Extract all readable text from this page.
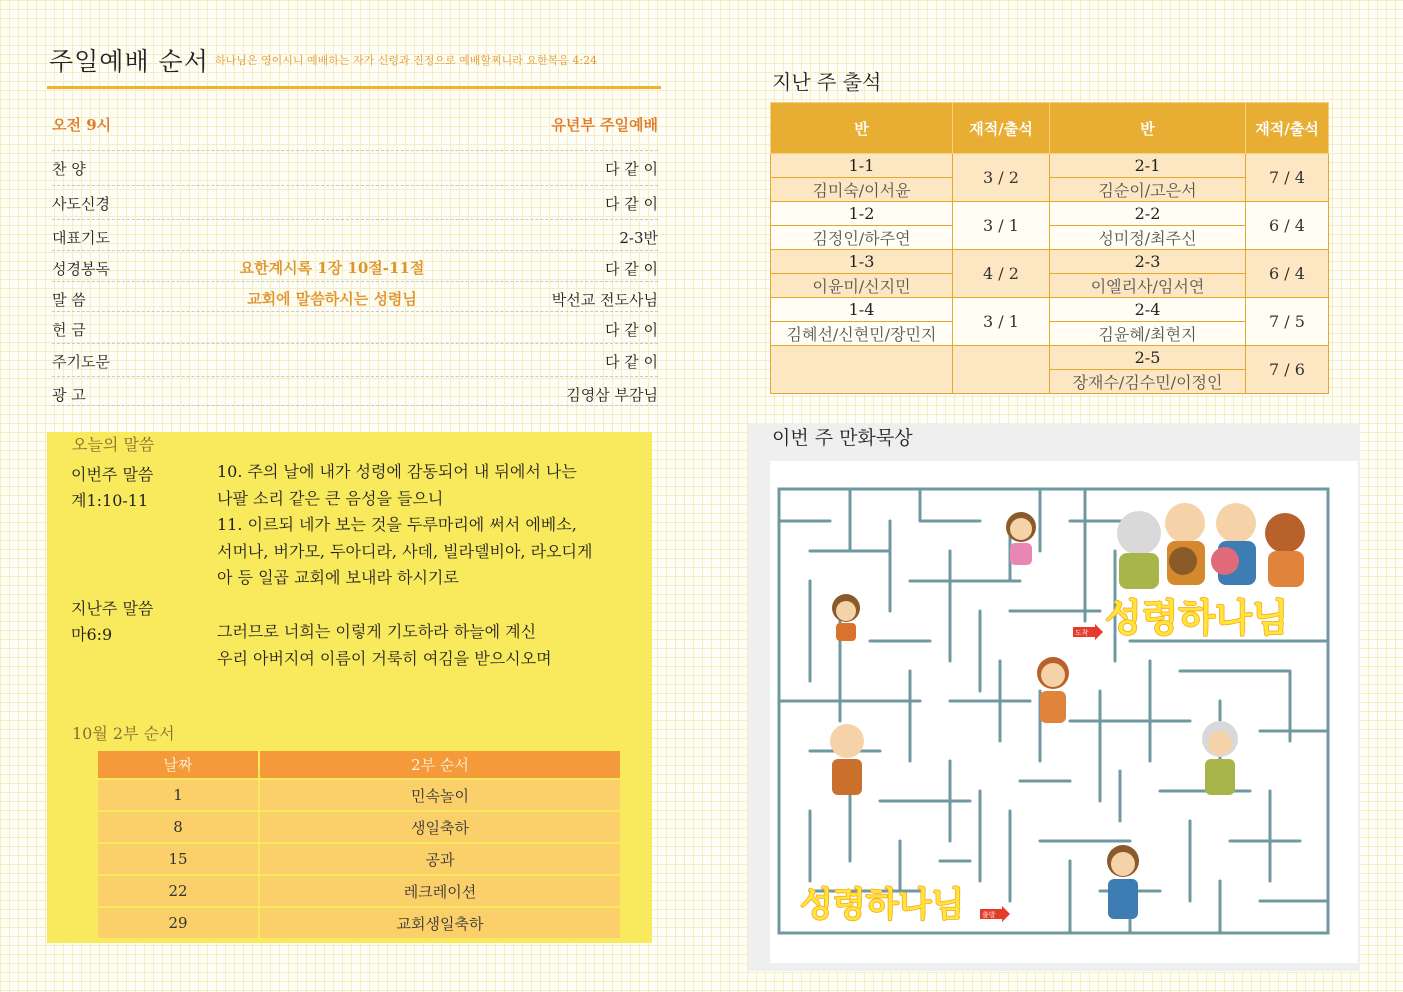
주일예배 순서 하나님은 영이시니 예배하는 자가 신령과 진정으로 예배할찌니라 요한복음 4:24
오전 9시	유년부 주일예배
찬 양	다 같 이
사도신경	다 같 이
대표기도	2-3반
성경봉독	요한계시록 1장 10절-11절	다 같 이
말 씀	교회에 말씀하시는 성령님	박선교 전도사님
헌 금	다 같 이
주기도문	다 같 이
광 고	김영삼 부감님
오늘의 말씀
이번주 말씀
계1:10-11
10. 주의 날에 내가 성령에 감동되어 내 뒤에서 나는
나팔 소리 같은 큰 음성을 들으니
11. 이르되 네가 보는 것을 두루마리에 써서 에베소,
서머나, 버가모, 두아디라, 사데, 빌라델비아, 라오디게
아 등 일곱 교회에 보내라 하시기로
지난주 말씀
마6:9	그러므로 너희는 이렇게 기도하라 하늘에 계신
우리 아버지여 이름이 거룩히 여김을 받으시오며
10월 2부 순서
날짜	2부 순서
1	민속놀이
8	생일축하
15	공과
22	레크레이션
29	교회생일축하
지난 주 출석
반	재적/출석	반	재적/출석
1-1	3 / 2	2-1	7 / 4
김미숙/이서윤		김순이/고은서	
1-2	3 / 1	2-2	6 / 4
김정인/하주연		성미정/최주신	
1-3	4 / 2	2-3	6 / 4
이윤미/신지민		이엘리사/임서연	
1-4	3 / 1	2-4	7 / 5
김혜선/신현민/장민지		김윤혜/최현지	
		2-5	7 / 6
		장재수/김수민/이정인	
이번 주 만화묵상
성령하나님
도착
출발
성령하나님
